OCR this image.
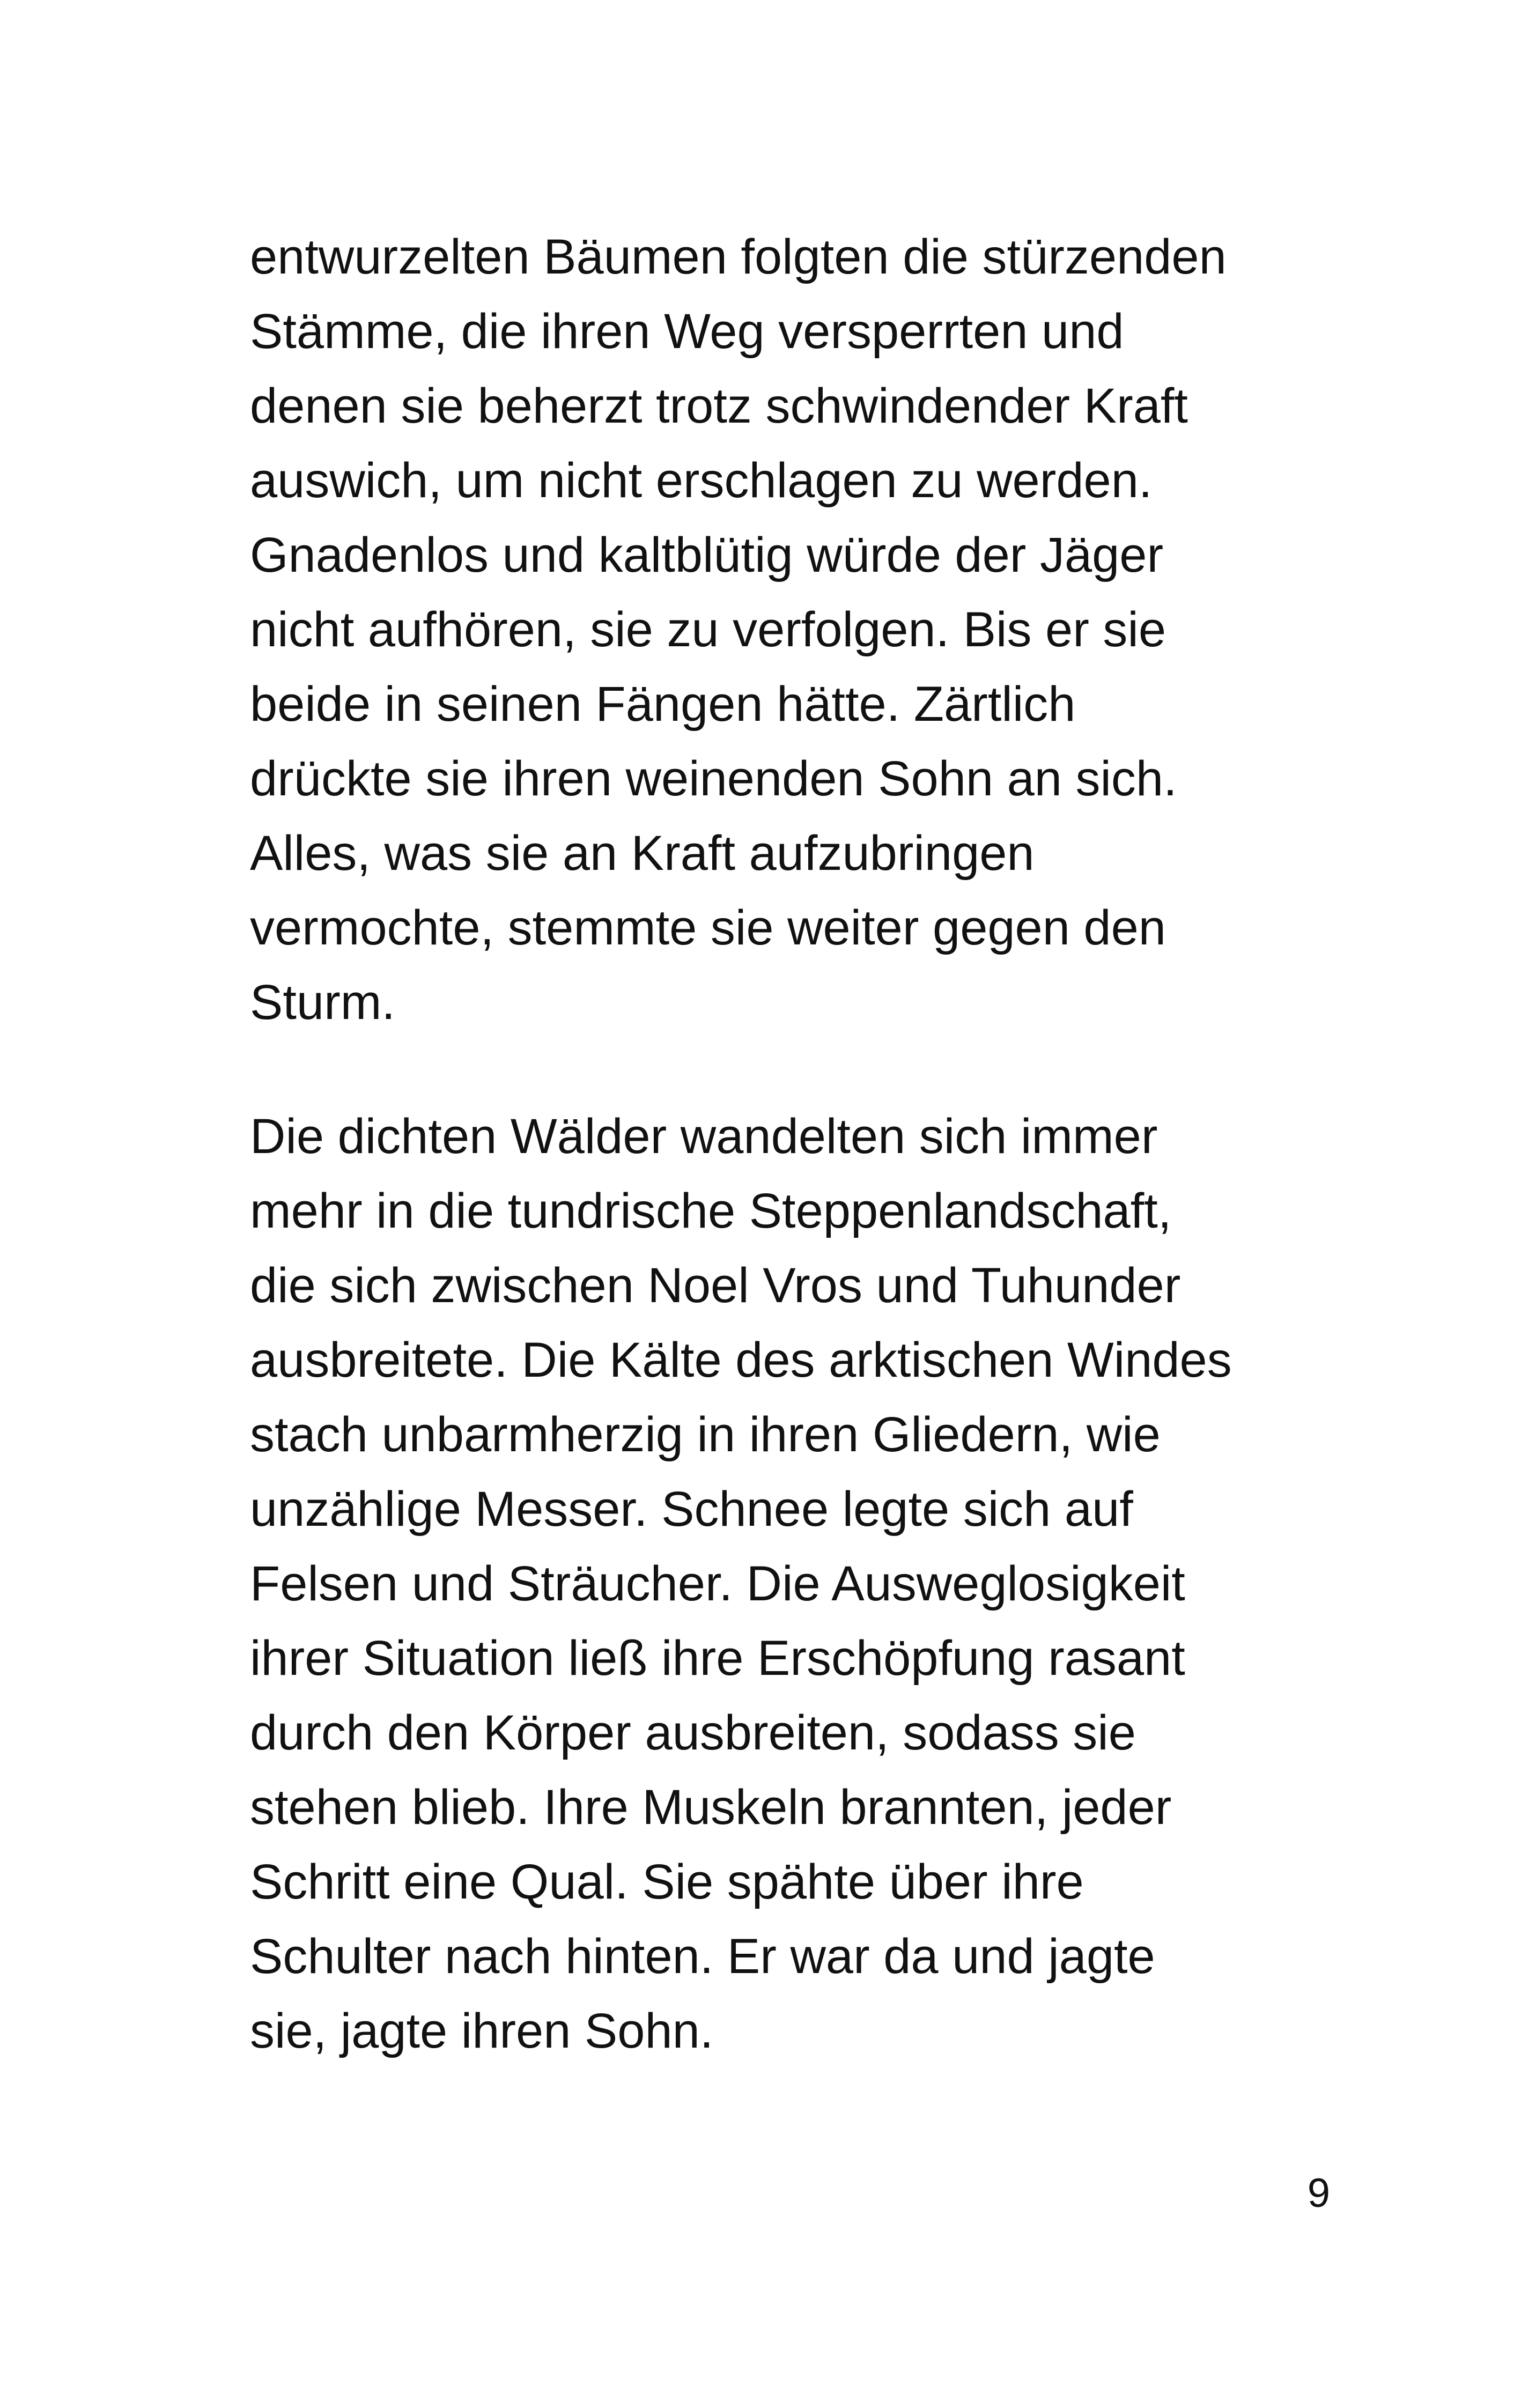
entwurzelten Bäumen folgten die stürzenden
Stämme, die ihren Weg versperrten und
denen sie beherzt trotz schwindender Kraft
auswich, um nicht erschlagen zu werden.
Gnadenlos und kaltblütig würde der Jäger
nicht aufhören, sie zu verfolgen. Bis er sie
beide in seinen Fängen hätte. Zärtlich
drückte sie ihren weinenden Sohn an sich.
Alles, was sie an Kraft aufzubringen
vermochte, stemmte sie weiter gegen den
Sturm.

Die dichten Wälder wandelten sich immer
mehr in die tundrische Steppenlandschaft,
die sich zwischen Noel Vros und Tuhunder
ausbreitete. Die Kälte des arktischen Windes
stach unbarmherzig in ihren Gliedern, wie
unzählige Messer. Schnee legte sich auf
Felsen und Sträucher. Die Ausweglosigkeit
ihrer Situation ließ ihre Erschöpfung rasant
durch den Körper ausbreiten, sodass sie
stehen blieb. Ihre Muskeln brannten, jeder
Schritt eine Qual. Sie spähte über ihre
Schulter nach hinten. Er war da und jagte
sie, jagte ihren Sohn.

9
